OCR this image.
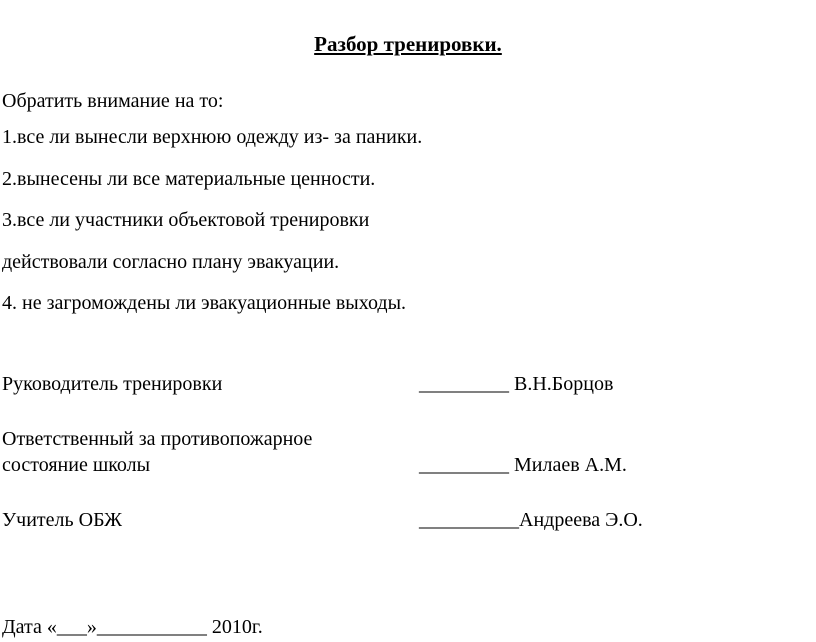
Разбор тренировки.
Обратить внимание на то:
1.все ли вынесли верхнюю одежду из- за паники.
2.вынесены ли все материальные ценности.
3.все ли участники объектовой тренировки
действовали согласно плану эвакуации.
4. не загромождены ли эвакуационные выходы.
Руководитель тренировки	_________ В.Н.Борцов
Ответственный за противопожарное
состояние школы	_________ Милаев А.М.
Учитель ОБЖ	__________Андреева Э.О.
Дата «___»___________ 2010г.
